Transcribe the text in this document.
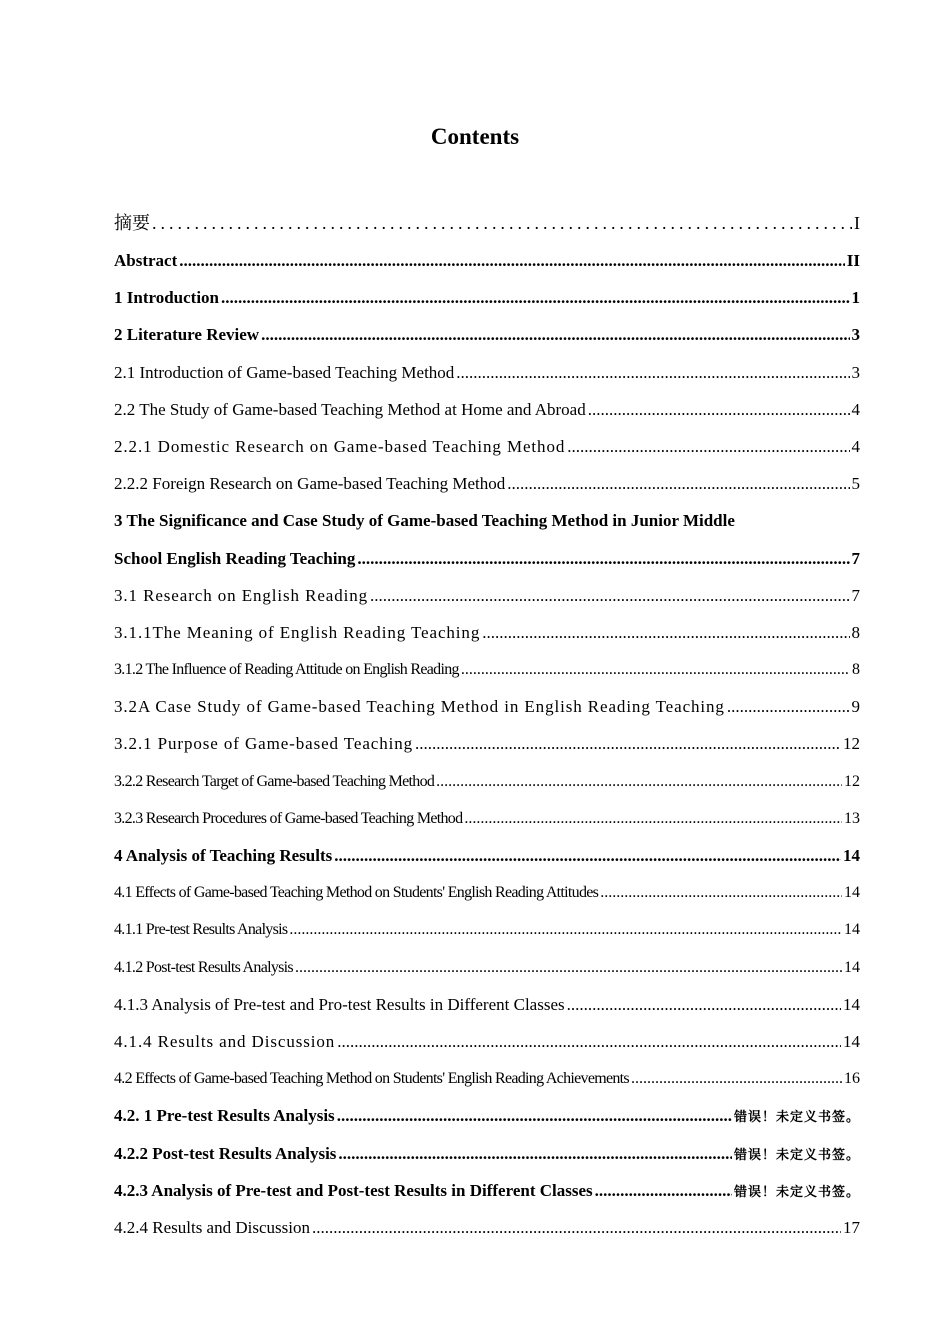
Contents
摘要 .....	I
Abstract .....	II
1 Introduction .....	1
2 Literature Review .....	3
2.1 Introduction of Game-based Teaching Method .....	3
2.2 The Study of Game-based Teaching Method at Home and Abroad .....	4
2.2.1 Domestic Research on Game-based Teaching Method .....	4
2.2.2 Foreign Research on Game-based Teaching Method .....	5
3 The Significance and Case Study of Game-based Teaching Method in Junior Middle
School English Reading Teaching .....	7
3.1 Research on English Reading .....	7
3.1.1The Meaning of English Reading Teaching .....	8
3.1.2 The Influence of Reading Attitude on English Reading .....	8
3.2A Case Study of Game-based Teaching Method in English Reading Teaching .....	9
3.2.1 Purpose of Game-based Teaching .....	12
3.2.2 Research Target of Game-based Teaching Method .....	12
3.2.3 Research Procedures of Game-based Teaching Method .....	13
4 Analysis of Teaching Results .....	14
4.1 Effects of Game-based Teaching Method on Students' English Reading Attitudes .....	14
4.1.1 Pre-test Results Analysis .....	14
4.1.2 Post-test Results Analysis .....	14
4.1.3 Analysis of Pre-test and Pro-test Results in Different Classes .....	14
4.1.4 Results and Discussion .....	14
4.2 Effects of Game-based Teaching Method on Students' English Reading Achievements .....	16
4.2. 1 Pre-test Results Analysis .....	错误！未定义书签。
4.2.2 Post-test Results Analysis .....	错误！未定义书签。
4.2.3 Analysis of Pre-test and Post-test Results in Different Classes .....	错误！未定义书签。
4.2.4 Results and Discussion .....	17
